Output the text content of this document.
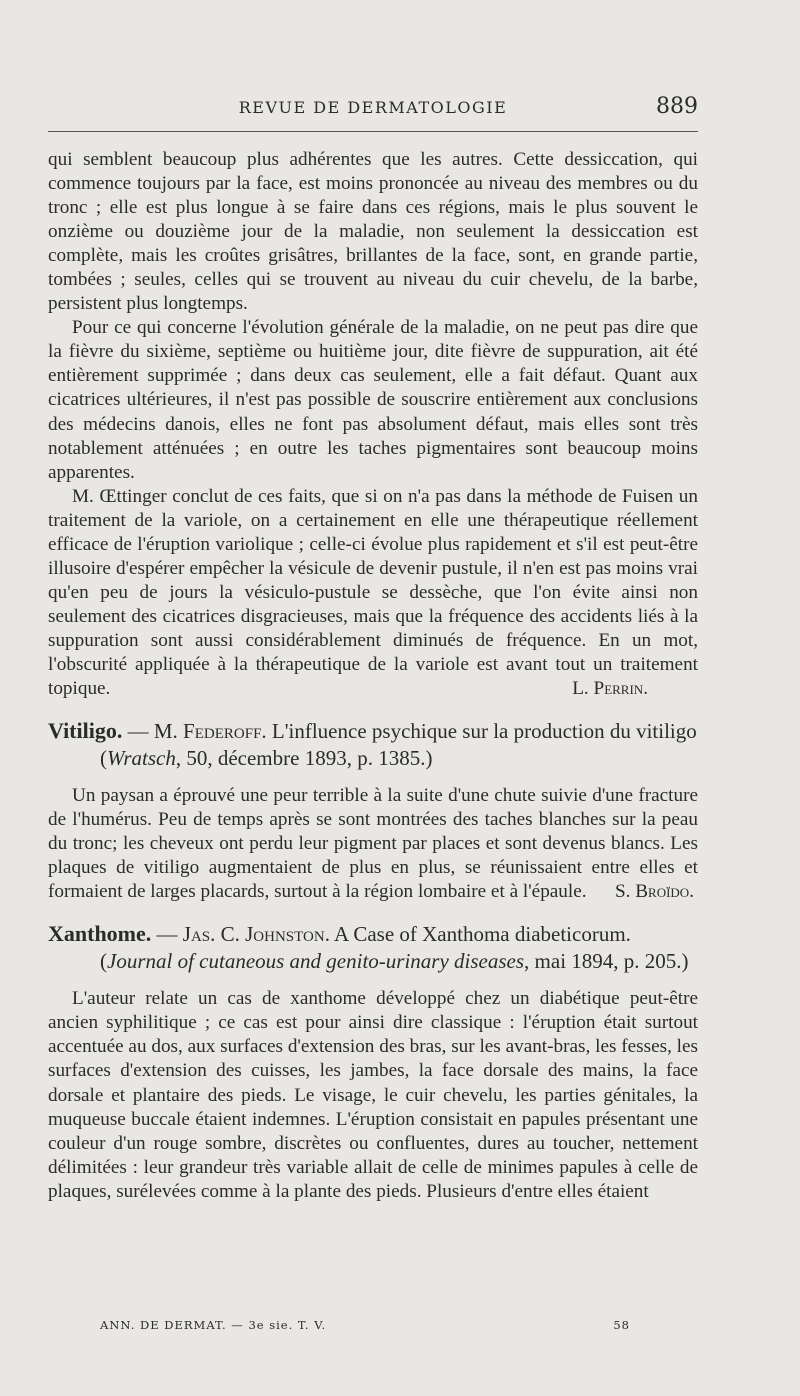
REVUE DE DERMATOLOGIE	889

qui semblent beaucoup plus adhérentes que les autres. Cette dessiccation, qui commence toujours par la face, est moins prononcée au niveau des membres ou du tronc ; elle est plus longue à se faire dans ces régions, mais le plus souvent le onzième ou douzième jour de la maladie, non seulement la dessiccation est complète, mais les croûtes grisâtres, brillantes de la face, sont, en grande partie, tombées ; seules, celles qui se trouvent au niveau du cuir chevelu, de la barbe, persistent plus longtemps.

Pour ce qui concerne l'évolution générale de la maladie, on ne peut pas dire que la fièvre du sixième, septième ou huitième jour, dite fièvre de suppuration, ait été entièrement supprimée ; dans deux cas seulement, elle a fait défaut. Quant aux cicatrices ultérieures, il n'est pas possible de souscrire entièrement aux conclusions des médecins danois, elles ne font pas absolument défaut, mais elles sont très notablement atténuées ; en outre les taches pigmentaires sont beaucoup moins apparentes.

M. Œttinger conclut de ces faits, que si on n'a pas dans la méthode de Fuisen un traitement de la variole, on a certainement en elle une thérapeutique réellement efficace de l'éruption variolique ; celle-ci évolue plus rapidement et s'il est peut-être illusoire d'espérer empêcher la vésicule de devenir pustule, il n'en est pas moins vrai qu'en peu de jours la vésiculo-pustule se dessèche, que l'on évite ainsi non seulement des cicatrices disgracieuses, mais que la fréquence des accidents liés à la suppuration sont aussi considérablement diminués de fréquence. En un mot, l'obscurité appliquée à la thérapeutique de la variole est avant tout un traitement topique.	L. Perrin.

Vitiligo. — M. Federoff. L'influence psychique sur la production du vitiligo (Wratsch, 50, décembre 1893, p. 1385.)

Un paysan a éprouvé une peur terrible à la suite d'une chute suivie d'une fracture de l'humérus. Peu de temps après se sont montrées des taches blanches sur la peau du tronc; les cheveux ont perdu leur pigment par places et sont devenus blancs. Les plaques de vitiligo augmentaient de plus en plus, se réunissaient entre elles et formaient de larges placards, surtout à la région lombaire et à l'épaule.	S. Broïdo.

Xanthome. — Jas. C. Johnston. A Case of Xanthoma diabeticorum. (Journal of cutaneous and genito-urinary diseases, mai 1894, p. 205.)

L'auteur relate un cas de xanthome développé chez un diabétique peut-être ancien syphilitique ; ce cas est pour ainsi dire classique : l'éruption était surtout accentuée au dos, aux surfaces d'extension des bras, sur les avant-bras, les fesses, les surfaces d'extension des cuisses, les jambes, la face dorsale des mains, la face dorsale et plantaire des pieds. Le visage, le cuir chevelu, les parties génitales, la muqueuse buccale étaient indemnes. L'éruption consistait en papules présentant une couleur d'un rouge sombre, discrètes ou confluentes, dures au toucher, nettement délimitées : leur grandeur très variable allait de celle de minimes papules à celle de plaques, surélevées comme à la plante des pieds. Plusieurs d'entre elles étaient

ANN. DE DERMAT. — 3e sie. T. V.	58
